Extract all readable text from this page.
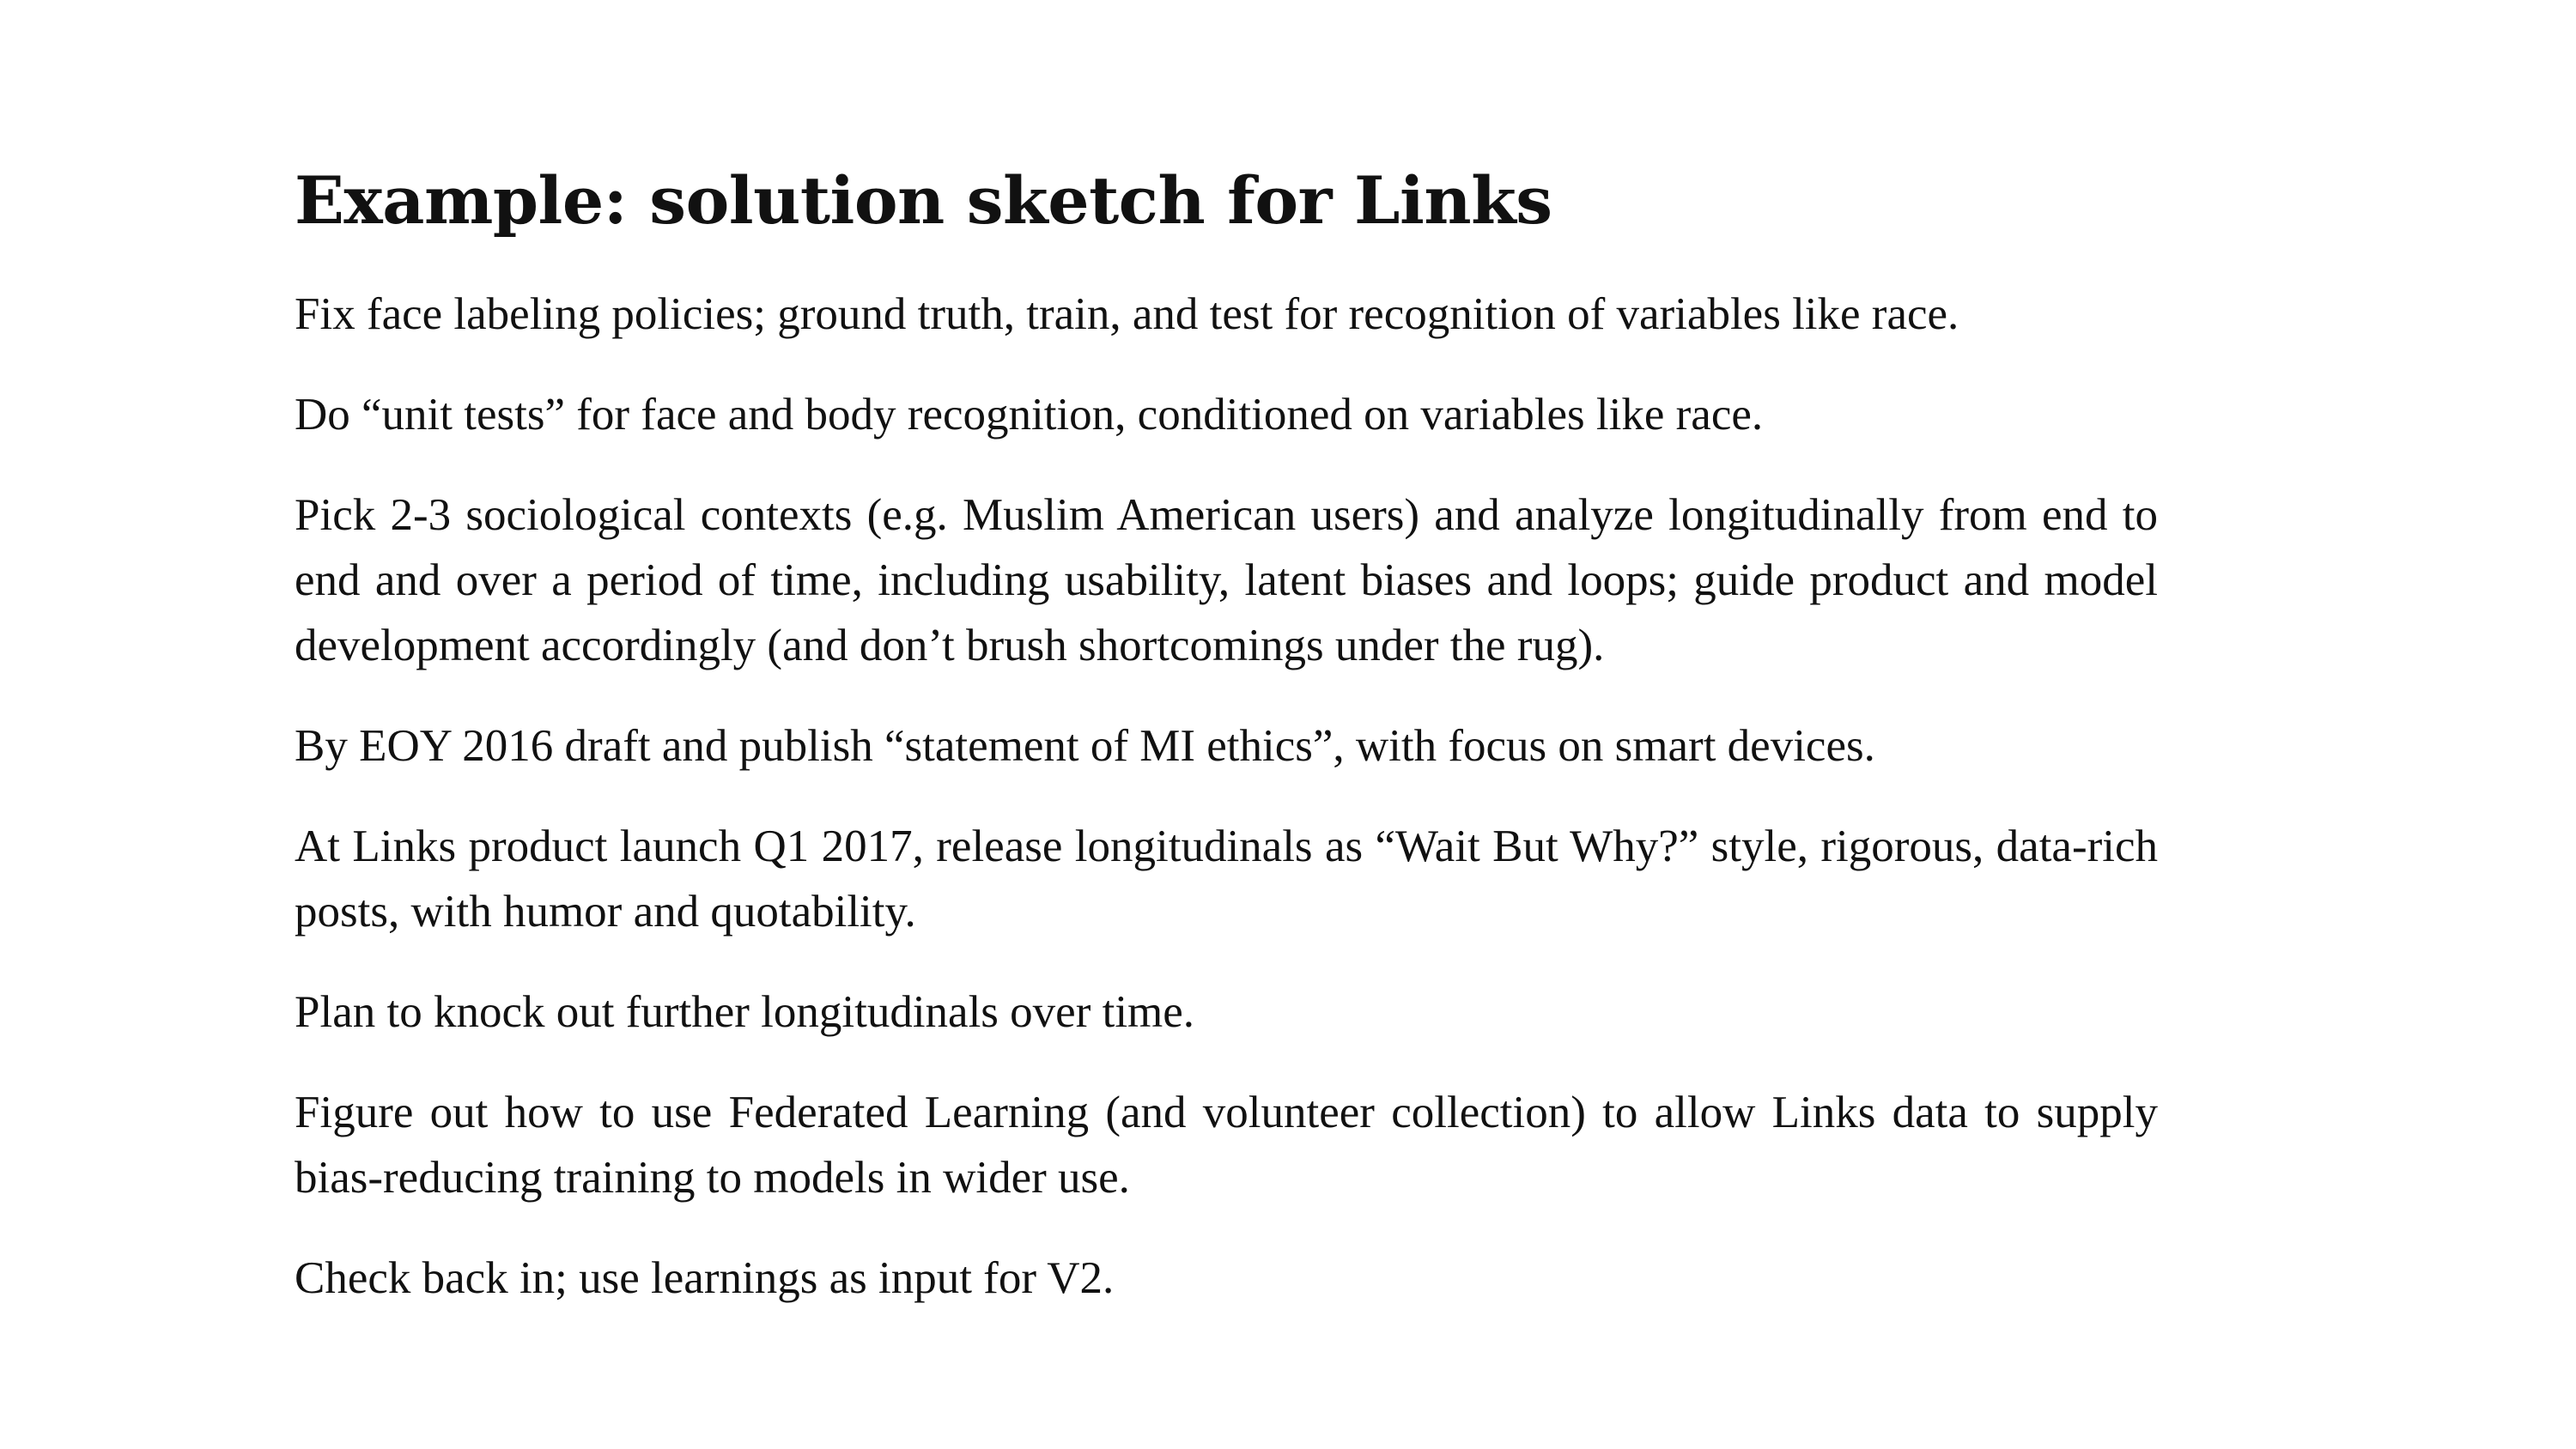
Example: solution sketch for Links

Fix face labeling policies; ground truth, train, and test for recognition of variables like race.

Do “unit tests” for face and body recognition, conditioned on variables like race.

Pick 2-3 sociological contexts (e.g. Muslim American users) and analyze longitudinally from end to end and over a period of time, including usability, latent biases and loops; guide product and model development accordingly (and don’t brush shortcomings under the rug).

By EOY 2016 draft and publish “statement of MI ethics”, with focus on smart devices.

At Links product launch Q1 2017, release longitudinals as “Wait But Why?” style, rigorous, data-rich posts, with humor and quotability.

Plan to knock out further longitudinals over time.

Figure out how to use Federated Learning (and volunteer collection) to allow Links data to supply bias-reducing training to models in wider use.

Check back in; use learnings as input for V2.
